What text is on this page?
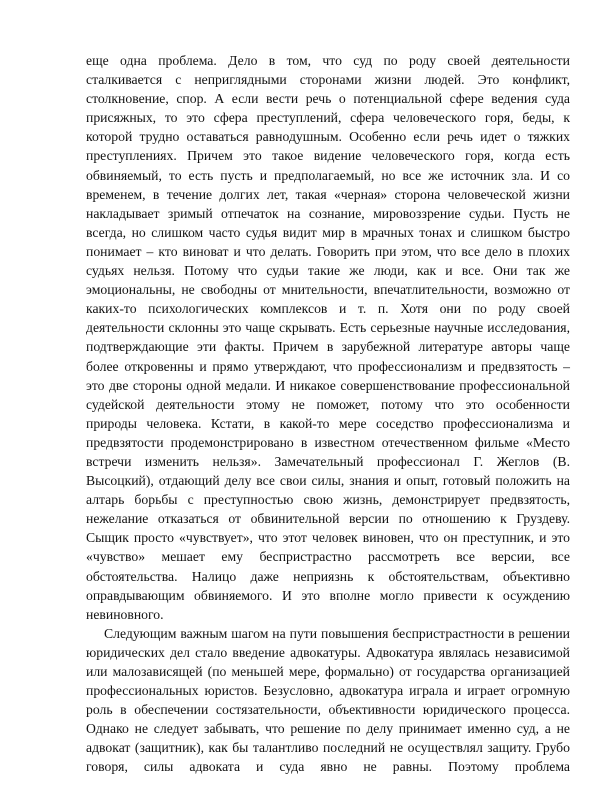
еще одна проблема. Дело в том, что суд по роду своей деятельности
сталкивается с неприглядными сторонами жизни людей. Это конфликт,
столкновение, спор. А если вести речь о потенциальной сфере ведения суда
присяжных, то это сфера преступлений, сфера человеческого горя, беды, к
которой трудно оставаться равнодушным. Особенно если речь идет о тяжких
преступлениях. Причем это такое видение человеческого горя, когда есть
обвиняемый, то есть пусть и предполагаемый, но все же источник зла. И со
временем, в течение долгих лет, такая «черная» сторона человеческой жизни
накладывает зримый отпечаток на сознание, мировоззрение судьи. Пусть не
всегда, но слишком часто судья видит мир в мрачных тонах и слишком быстро
понимает – кто виноват и что делать. Говорить при этом, что все дело в плохих
судьях нельзя. Потому что судьи такие же люди, как и все. Они так же
эмоциональны, не свободны от мнительности, впечатлительности, возможно от
каких-то психологических комплексов и т. п. Хотя они по роду своей
деятельности склонны это чаще скрывать. Есть серьезные научные исследования,
подтверждающие эти факты. Причем в зарубежной литературе авторы чаще
более откровенны и прямо утверждают, что профессионализм и предвзятость –
это две стороны одной медали. И никакое совершенствование профессиональной
судейской деятельности этому не поможет, потому что это особенности
природы человека. Кстати, в какой-то мере соседство профессионализма и
предвзятости продемонстрировано в известном отечественном фильме «Место
встречи изменить нельзя». Замечательный профессионал Г. Жеглов (В.
Высоцкий), отдающий делу все свои силы, знания и опыт, готовый положить на
алтарь борьбы с преступностью свою жизнь, демонстрирует предвзятость,
нежелание отказаться от обвинительной версии по отношению к Груздеву.
Сыщик просто «чувствует», что этот человек виновен, что он преступник, и это
«чувство» мешает ему беспристрастно рассмотреть все версии, все
обстоятельства. Налицо даже неприязнь к обстоятельствам, объективно
оправдывающим обвиняемого. И это вполне могло привести к осуждению
невиновного.
Следующим важным шагом на пути повышения беспристрастности в решении
юридических дел стало введение адвокатуры. Адвокатура являлась независимой
или малозависящей (по меньшей мере, формально) от государства организацией
профессиональных юристов. Безусловно, адвокатура играла и играет огромную
роль в обеспечении состязательности, объективности юридического процесса.
Однако не следует забывать, что решение по делу принимает именно суд, а не
адвокат (защитник), как бы талантливо последний не осуществлял защиту. Грубо
говоря, силы адвоката и суда явно не равны. Поэтому проблема
